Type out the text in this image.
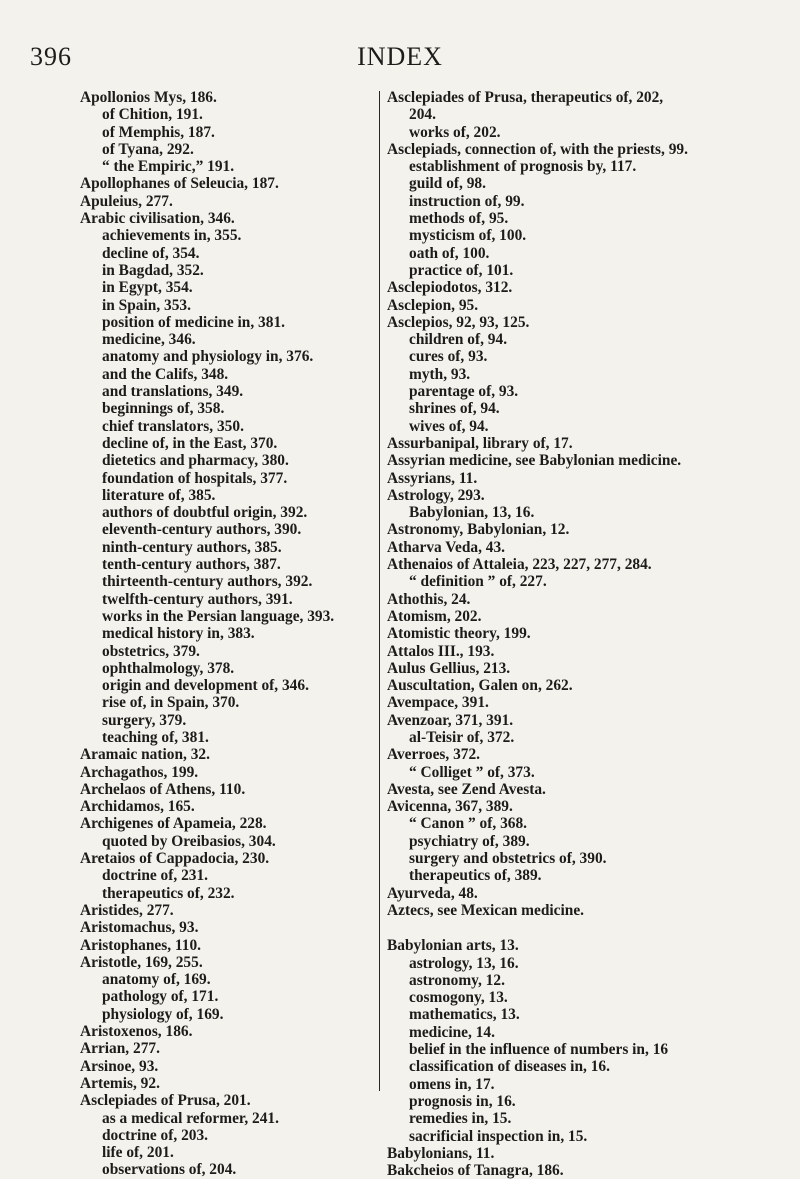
396	INDEX
Apollonios Mys, 186.
of Chition, 191.
of Memphis, 187.
of Tyana, 292.
“ the Empiric,” 191.
Apollophanes of Seleucia, 187.
Apuleius, 277.
Arabic civilisation, 346.
achievements in, 355.
decline of, 354.
in Bagdad, 352.
in Egypt, 354.
in Spain, 353.
position of medicine in, 381.
medicine, 346.
anatomy and physiology in, 376.
and the Califs, 348.
and translations, 349.
beginnings of, 358.
chief translators, 350.
decline of, in the East, 370.
dietetics and pharmacy, 380.
foundation of hospitals, 377.
literature of, 385.
authors of doubtful origin, 392.
eleventh-century authors, 390.
ninth-century authors, 385.
tenth-century authors, 387.
thirteenth-century authors, 392.
twelfth-century authors, 391.
works in the Persian language, 393.
medical history in, 383.
obstetrics, 379.
ophthalmology, 378.
origin and development of, 346.
rise of, in Spain, 370.
surgery, 379.
teaching of, 381.
Aramaic nation, 32.
Archagathos, 199.
Archelaos of Athens, 110.
Archidamos, 165.
Archigenes of Apameia, 228.
quoted by Oreibasios, 304.
Aretaios of Cappadocia, 230.
doctrine of, 231.
therapeutics of, 232.
Aristides, 277.
Aristomachus, 93.
Aristophanes, 110.
Aristotle, 169, 255.
anatomy of, 169.
pathology of, 171.
physiology of, 169.
Aristoxenos, 186.
Arrian, 277.
Arsinoe, 93.
Artemis, 92.
Asclepiades of Prusa, 201.
as a medical reformer, 241.
doctrine of, 203.
life of, 201.
observations of, 204.
Asclepiades of Prusa, therapeutics of, 202,
204.
works of, 202.
Asclepiads, connection of, with the priests, 99.
establishment of prognosis by, 117.
guild of, 98.
instruction of, 99.
methods of, 95.
mysticism of, 100.
oath of, 100.
practice of, 101.
Asclepiodotos, 312.
Asclepion, 95.
Asclepios, 92, 93, 125.
children of, 94.
cures of, 93.
myth, 93.
parentage of, 93.
shrines of, 94.
wives of, 94.
Assurbanipal, library of, 17.
Assyrian medicine, see Babylonian medicine.
Assyrians, 11.
Astrology, 293.
Babylonian, 13, 16.
Astronomy, Babylonian, 12.
Atharva Veda, 43.
Athenaios of Attaleia, 223, 227, 277, 284.
“ definition ” of, 227.
Athothis, 24.
Atomism, 202.
Atomistic theory, 199.
Attalos III., 193.
Aulus Gellius, 213.
Auscultation, Galen on, 262.
Avempace, 391.
Avenzoar, 371, 391.
al-Teisir of, 372.
Averroes, 372.
“ Colliget ” of, 373.
Avesta, see Zend Avesta.
Avicenna, 367, 389.
“ Canon ” of, 368.
psychiatry of, 389.
surgery and obstetrics of, 390.
therapeutics of, 389.
Ayurveda, 48.
Aztecs, see Mexican medicine.
Babylonian arts, 13.
astrology, 13, 16.
astronomy, 12.
cosmogony, 13.
mathematics, 13.
medicine, 14.
belief in the influence of numbers in, 16
classification of diseases in, 16.
omens in, 17.
prognosis in, 16.
remedies in, 15.
sacrificial inspection in, 15.
Babylonians, 11.
Bakcheios of Tanagra, 186.
